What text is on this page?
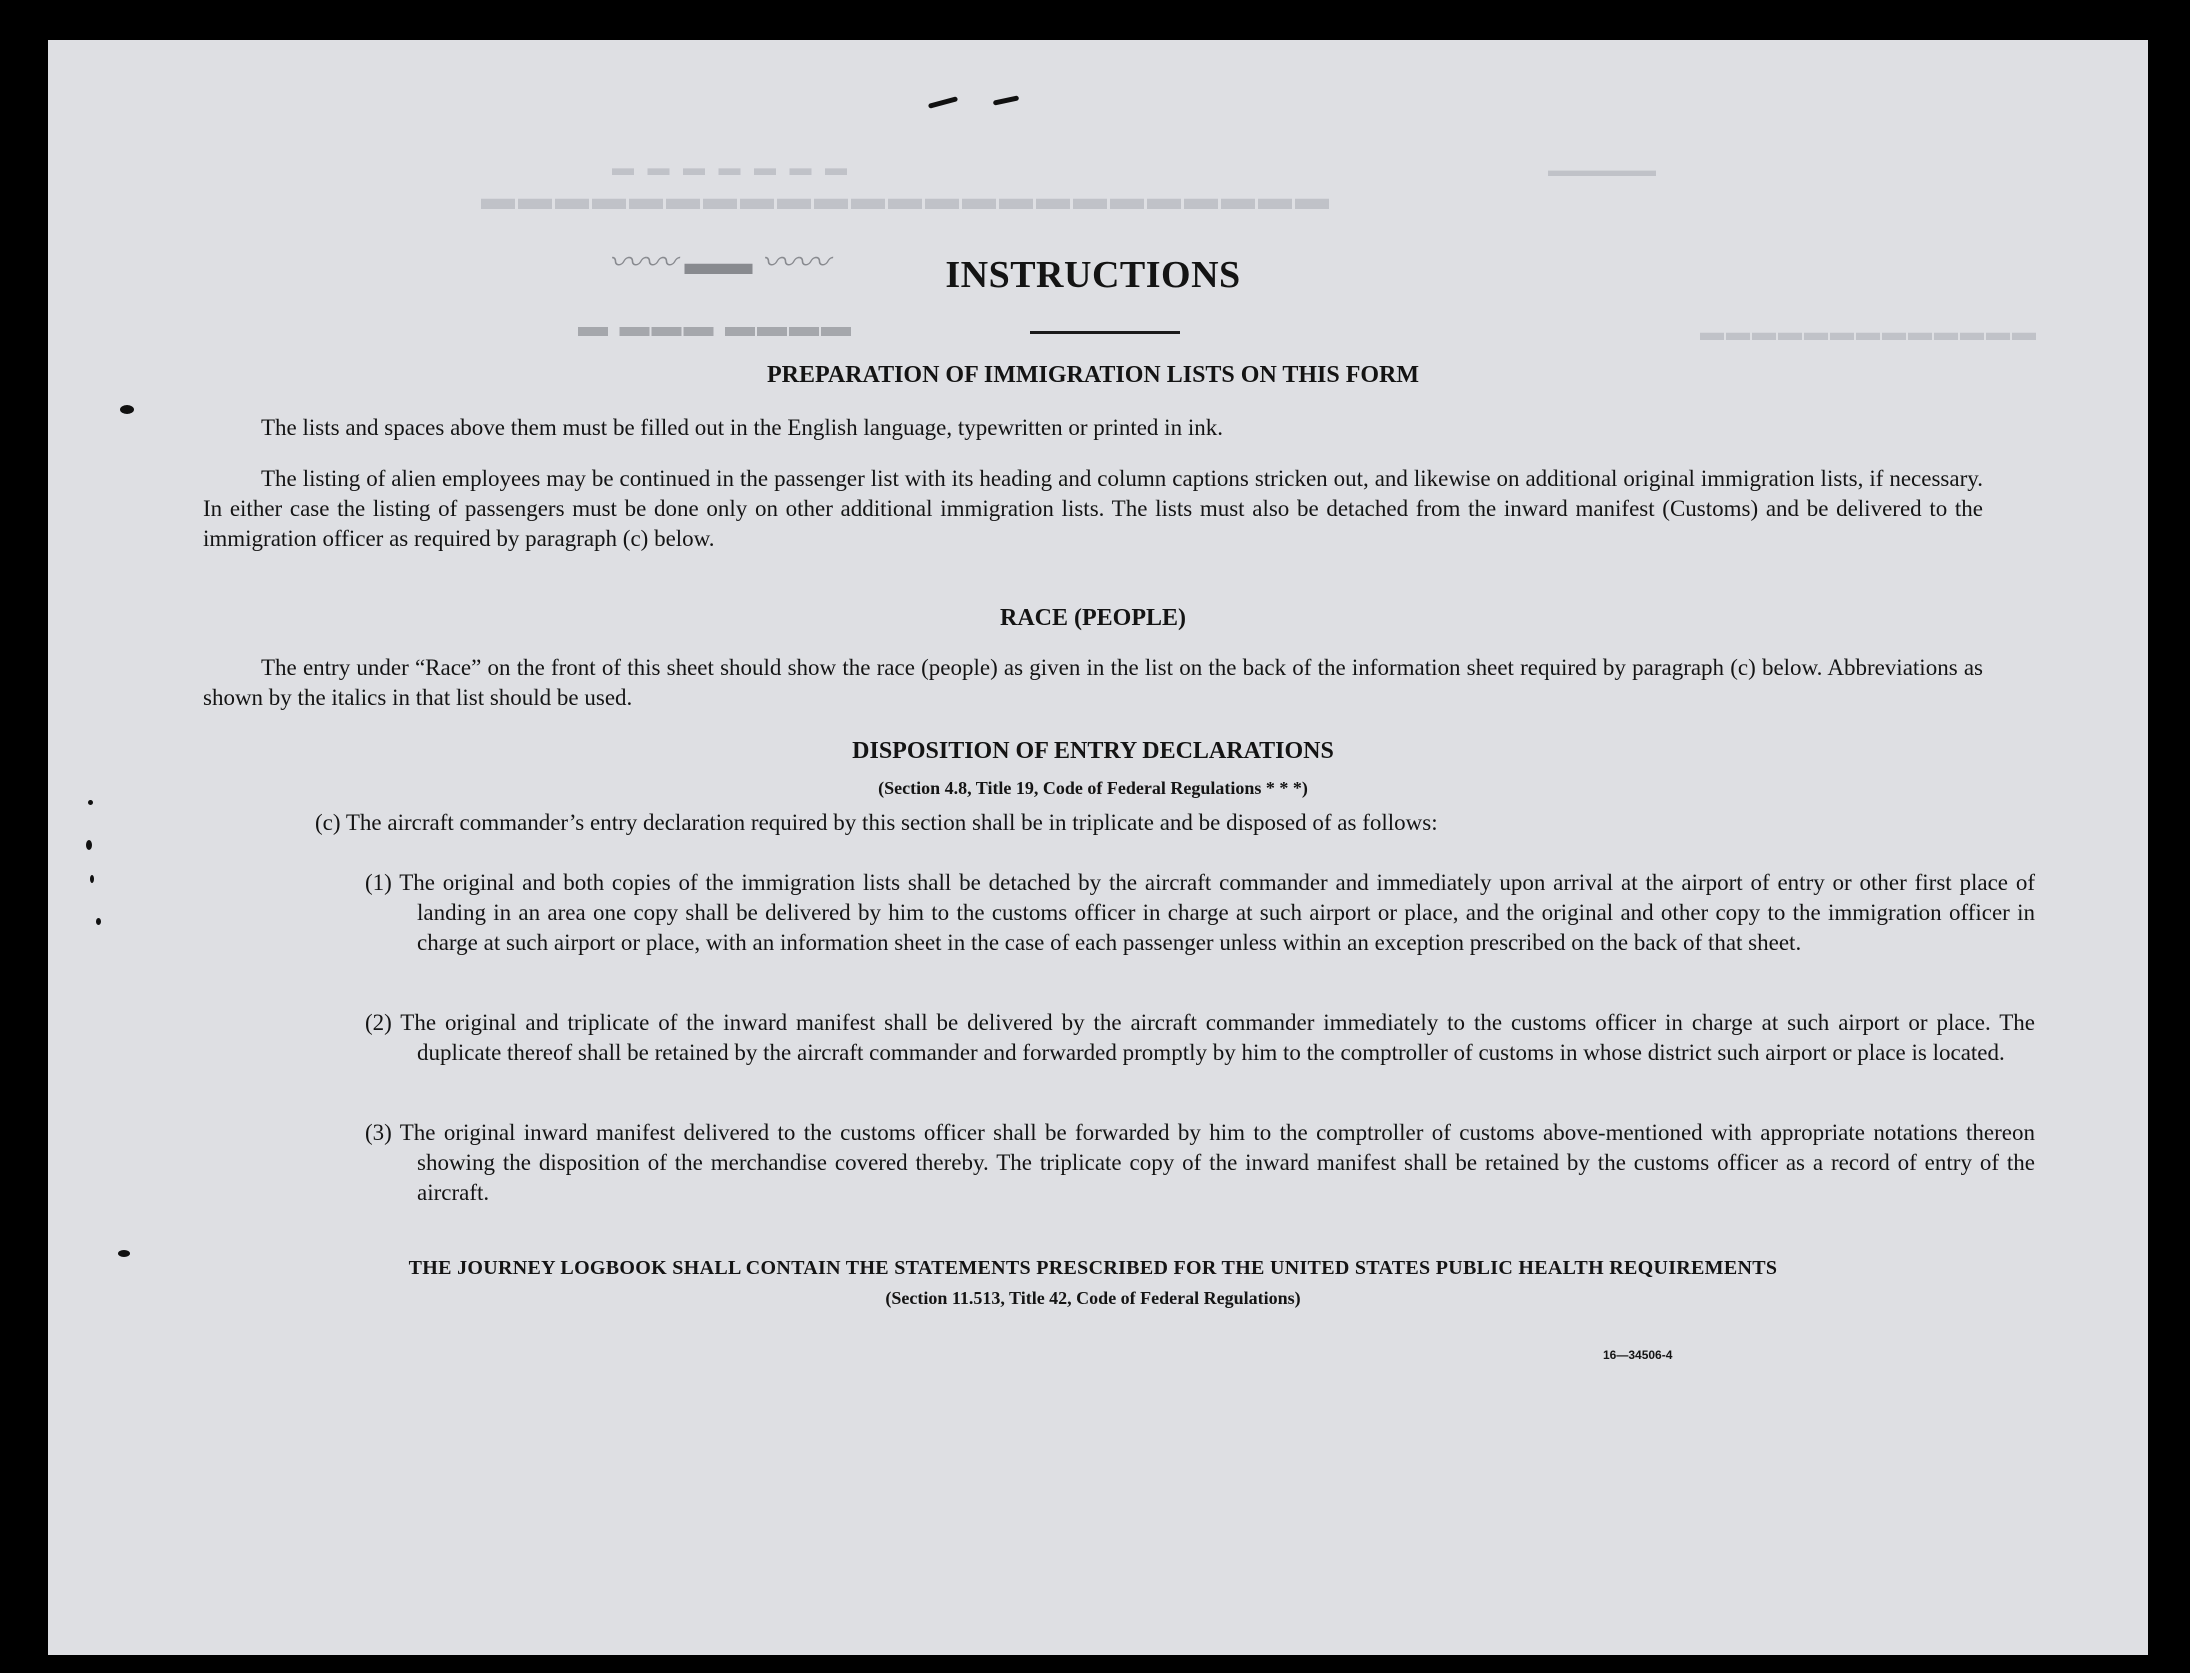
▬ ▬ ▬ ▬ ▬ ▬ ▬
▬▬▬▬▬▬▬▬▬▬▬▬▬▬▬▬▬▬▬▬▬▬▬
▬▬▬▬▬▬
▬▬▬▬▬▬▬▬▬▬▬▬▬
▬ ▬▬▬ ▬▬▬▬
〰〰 ▬▬ 〰〰	INSTRUCTIONS
PREPARATION OF IMMIGRATION LISTS ON THIS FORM

The lists and spaces above them must be filled out in the English language, typewritten or printed in ink.

The listing of alien employees may be continued in the passenger list with its heading and column captions stricken out, and likewise on additional original immigration lists, if necessary. In either case the listing of passengers must be done only on other additional immigration lists. The lists must also be detached from the inward manifest (Customs) and be delivered to the immigration officer as required by paragraph (c) below.

RACE (PEOPLE)

The entry under “Race” on the front of this sheet should show the race (people) as given in the list on the back of the information sheet required by paragraph (c) below. Abbreviations as shown by the italics in that list should be used.

DISPOSITION OF ENTRY DECLARATIONS

(Section 4.8, Title 19, Code of Federal Regulations * * *)

(c) The aircraft commander’s entry declaration required by this section shall be in triplicate and be disposed of as follows:

(1) The original and both copies of the immigration lists shall be detached by the aircraft commander and immediately upon arrival at the airport of entry or other first place of landing in an area one copy shall be delivered by him to the customs officer in charge at such airport or place, and the original and other copy to the immigration officer in charge at such airport or place, with an information sheet in the case of each passenger unless within an exception prescribed on the back of that sheet.

(2) The original and triplicate of the inward manifest shall be delivered by the aircraft commander immediately to the customs officer in charge at such airport or place. The duplicate thereof shall be retained by the aircraft commander and forwarded promptly by him to the comptroller of customs in whose district such airport or place is located.

(3) The original inward manifest delivered to the customs officer shall be forwarded by him to the comptroller of customs above-mentioned with appropriate notations thereon showing the disposition of the merchandise covered thereby. The triplicate copy of the inward manifest shall be retained by the customs officer as a record of entry of the aircraft.

THE JOURNEY LOGBOOK SHALL CONTAIN THE STATEMENTS PRESCRIBED FOR THE UNITED STATES PUBLIC HEALTH REQUIREMENTS

(Section 11.513, Title 42, Code of Federal Regulations)

16—34506-4
